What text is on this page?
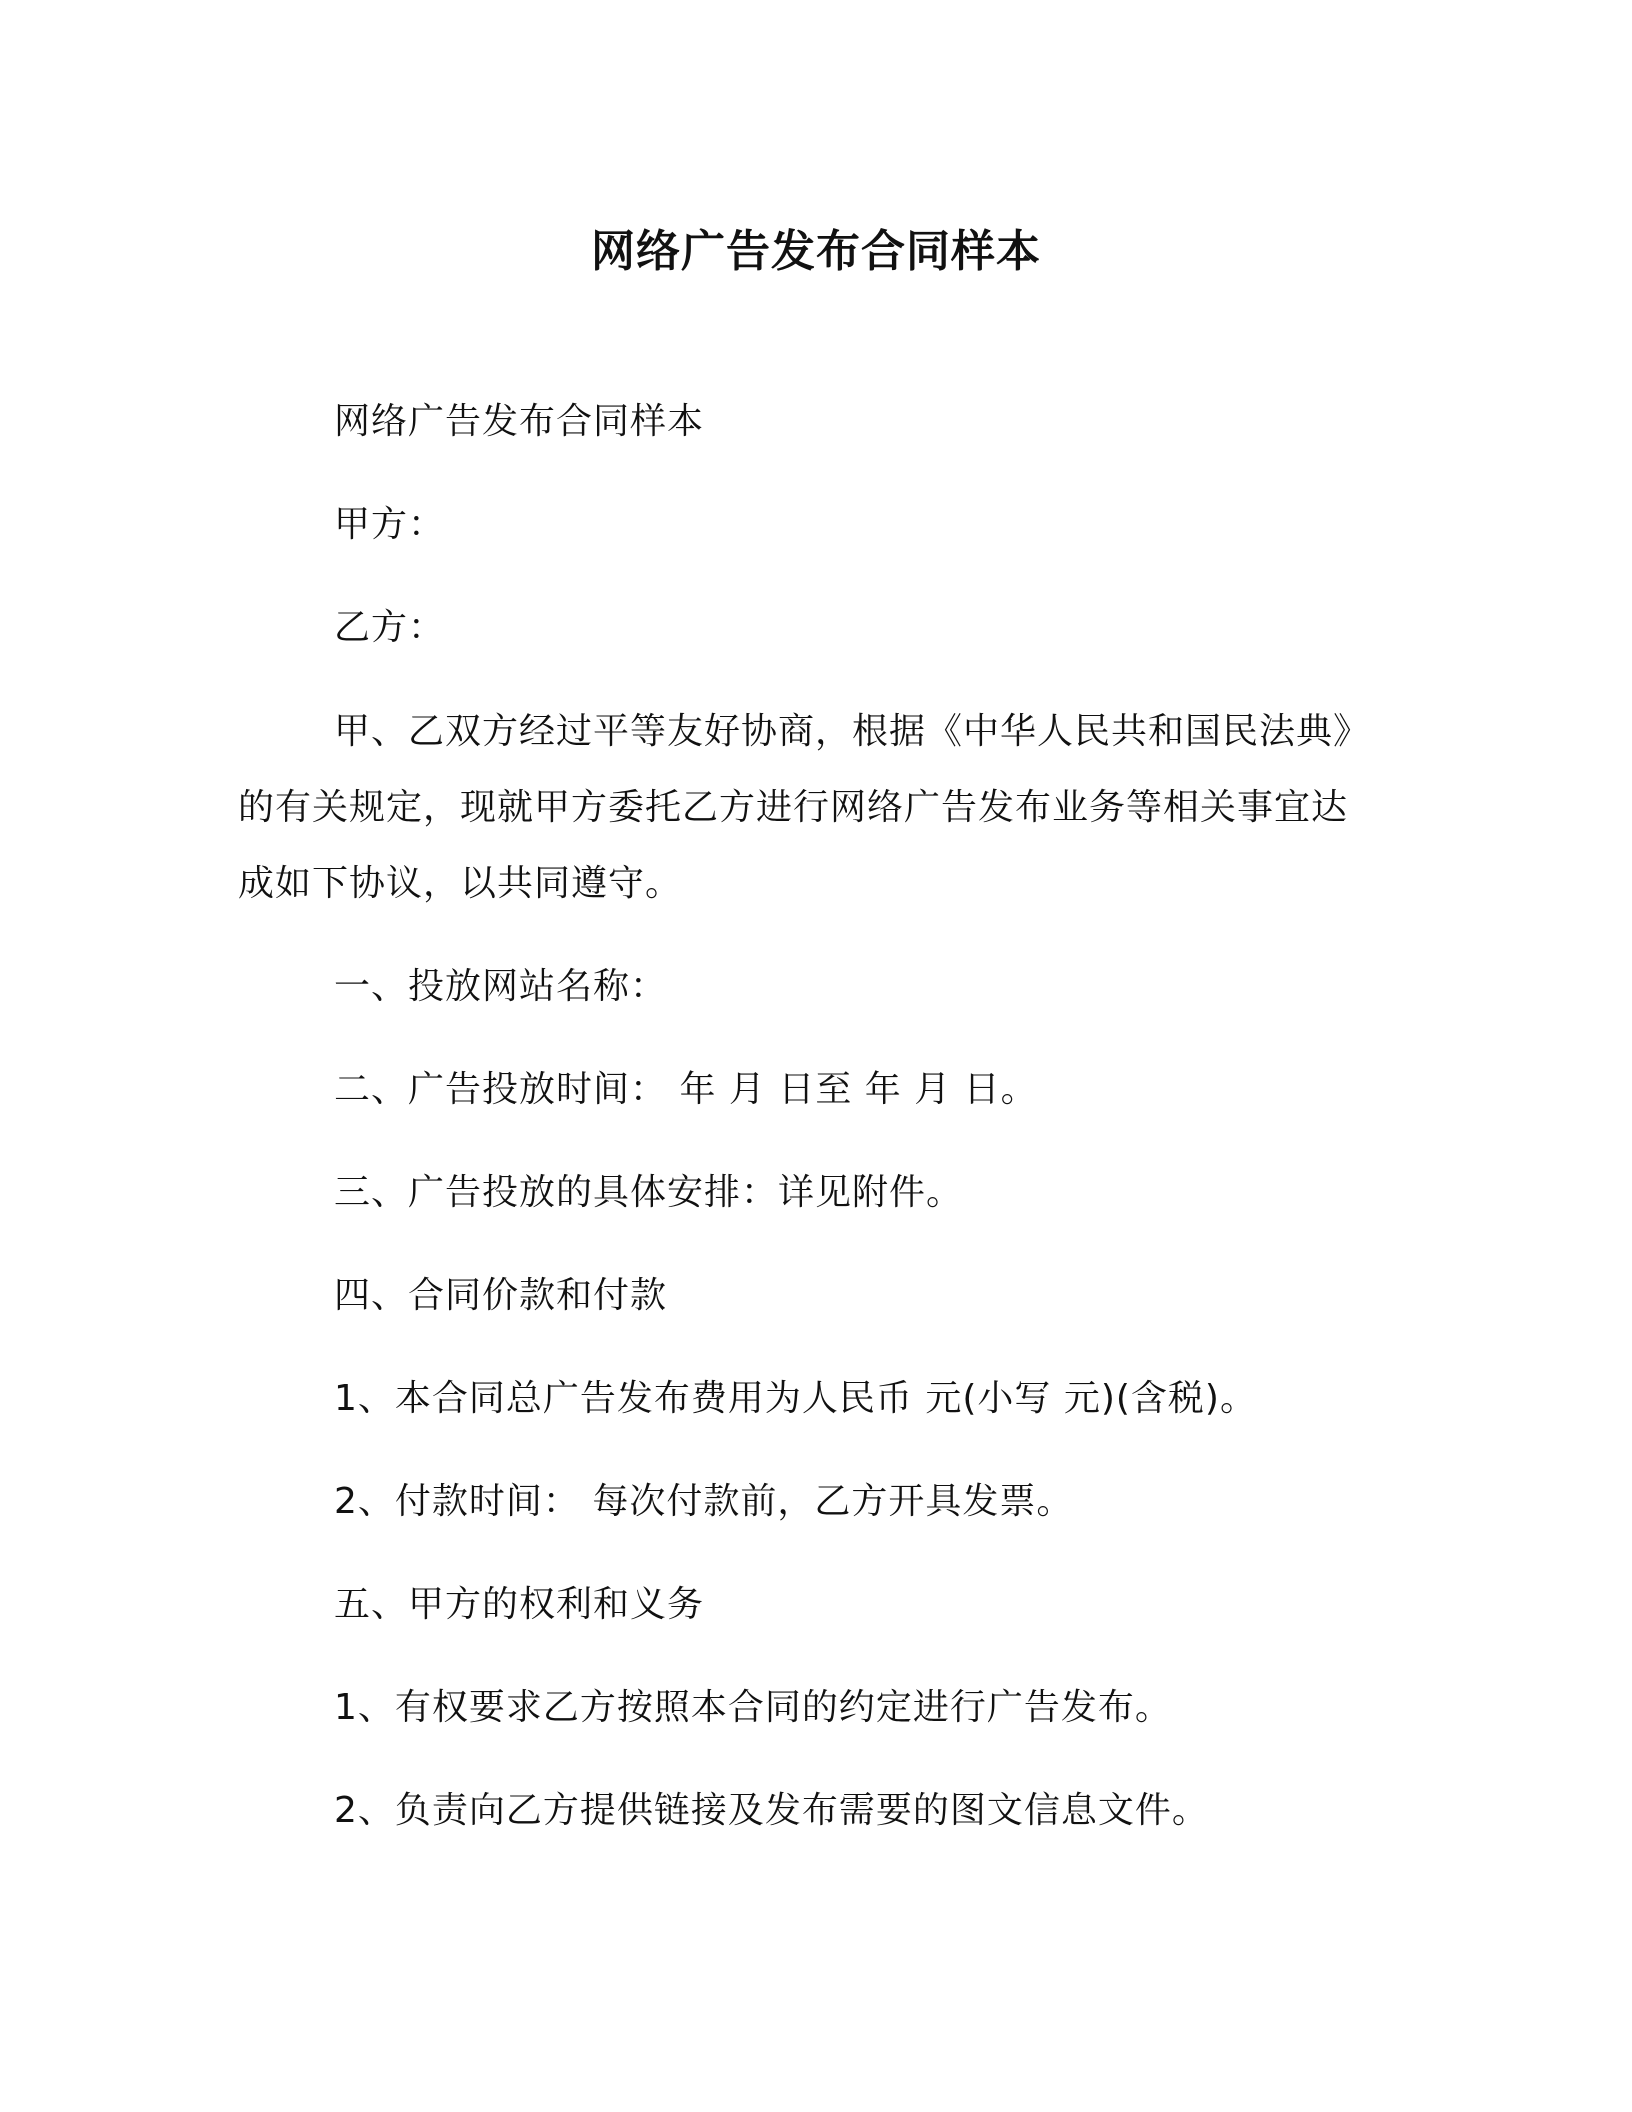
网络广告发布合同样本
网络广告发布合同样本
甲方：
乙方：
甲、乙双方经过平等友好协商，根据《中华人民共和国民法典》
的有关规定，现就甲方委托乙方进行网络广告发布业务等相关事宜达
成如下协议，以共同遵守。
一、投放网站名称：
二、广告投放时间： 年 月 日至 年 月 日。
三、广告投放的具体安排：详见附件。
四、合同价款和付款
1、本合同总广告发布费用为人民币 元(小写 元)(含税)。
2、付款时间： 每次付款前，乙方开具发票。
五、甲方的权利和义务
1、有权要求乙方按照本合同的约定进行广告发布。
2、负责向乙方提供链接及发布需要的图文信息文件。
